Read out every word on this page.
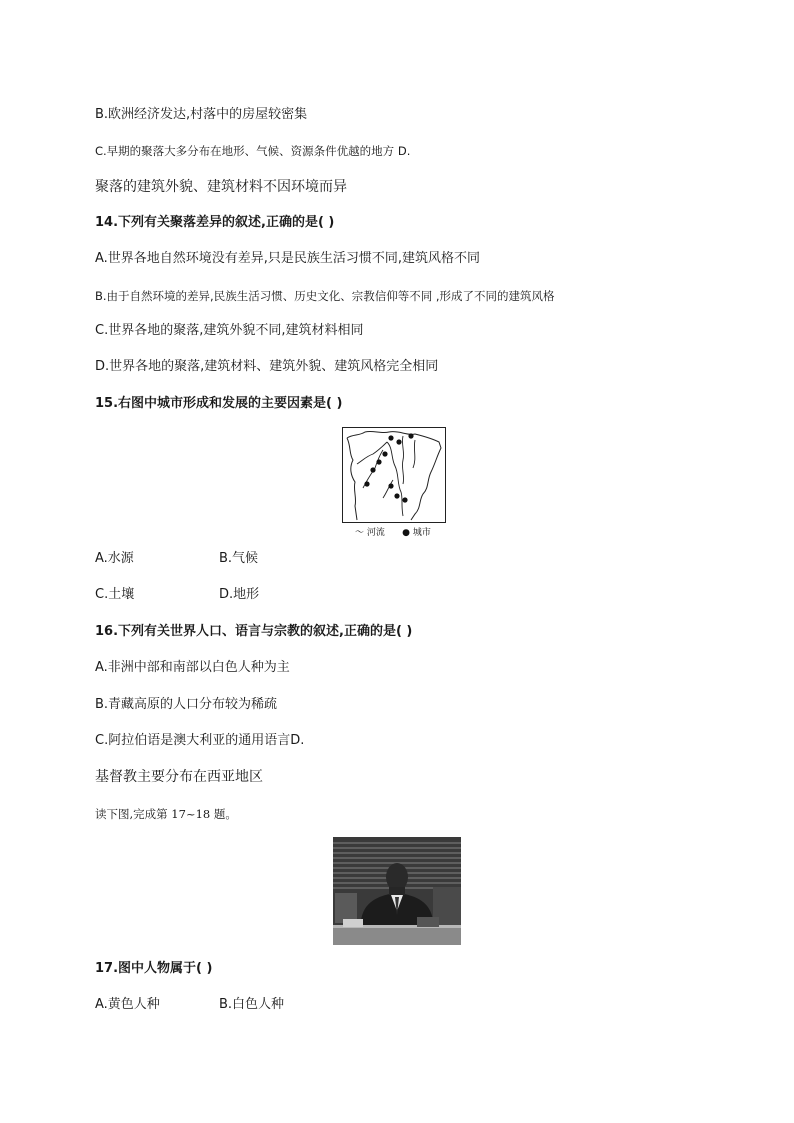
B.欧洲经济发达,村落中的房屋较密集
C.早期的聚落大多分布在地形、气候、资源条件优越的地方 D.
聚落的建筑外貌、建筑材料不因环境而异
14.下列有关聚落差异的叙述,正确的是( )
A.世界各地自然环境没有差异,只是民族生活习惯不同,建筑风格不同
B.由于自然环境的差异,民族生活习惯、历史文化、宗教信仰等不同 ,形成了不同的建筑风格
C.世界各地的聚落,建筑外貌不同,建筑材料相同
D.世界各地的聚落,建筑材料、建筑外貌、建筑风格完全相同
15.右图中城市形成和发展的主要因素是( )
〜 河流 ● 城市
A.水源	B.气候
C.土壤	D.地形
16.下列有关世界人口、语言与宗教的叙述,正确的是( )
A.非洲中部和南部以白色人种为主
B.青藏高原的人口分布较为稀疏
C.阿拉伯语是澳大利亚的通用语言D.
基督教主要分布在西亚地区
读下图,完成第 17~18 题。
17.图中人物属于( )
A.黄色人种	B.白色人种
